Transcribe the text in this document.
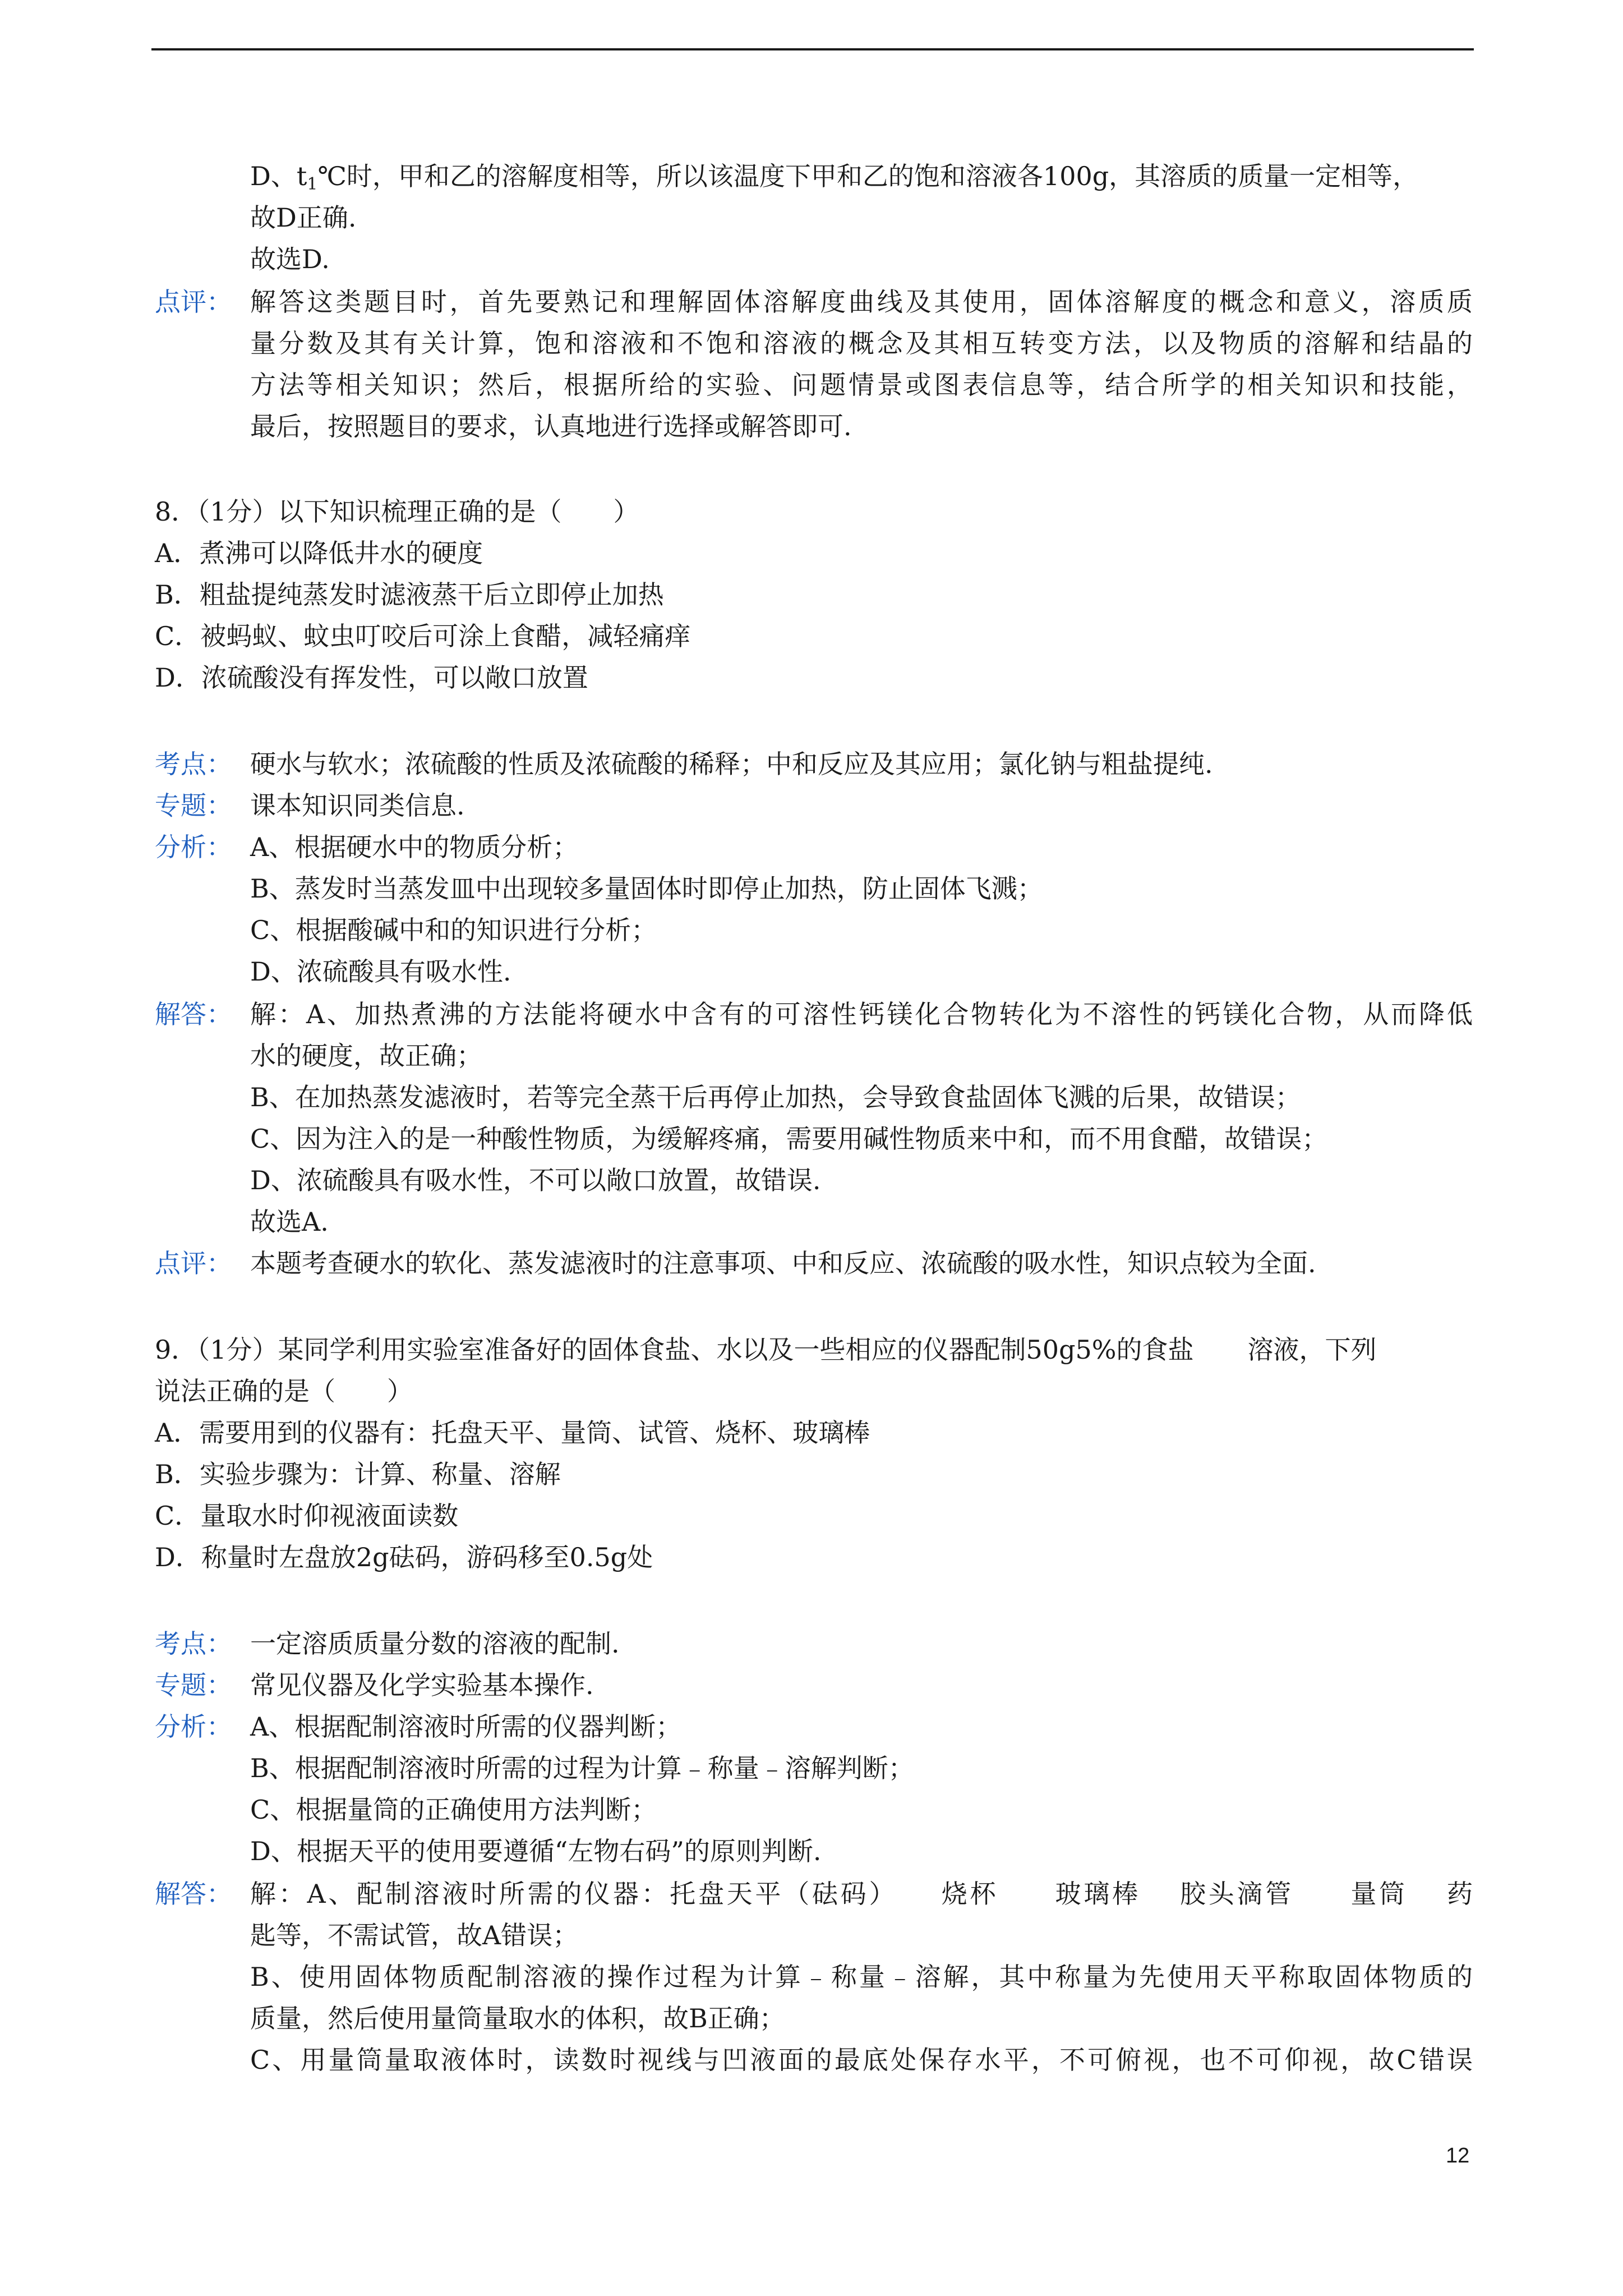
D、$t_1℃$时，甲和乙的溶解度相等，所以该温度下甲和乙的饱和溶液各100g，其溶质的质量一定相等，
故D正确.
故选D.
点评： 解答这类题目时，首先要熟记和理解固体溶解度曲线及其使用，固体溶解度的概念和意义，溶质质
量分数及其有关计算，饱和溶液和不饱和溶液的概念及其相互转变方法，以及物质的溶解和结晶的
方法等相关知识；然后，根据所给的实验、问题情景或图表信息等，结合所学的相关知识和技能，
最后，按照题目的要求，认真地进行选择或解答即可.
8．（1分）以下知识梳理正确的是（　　）
A．煮沸可以降低井水的硬度
B．粗盐提纯蒸发时滤液蒸干后立即停止加热
C．被蚂蚁、蚊虫叮咬后可涂上食醋，减轻痛痒
D．浓硫酸没有挥发性，可以敞口放置
考点： 硬水与软水；浓硫酸的性质及浓硫酸的稀释；中和反应及其应用；氯化钠与粗盐提纯.
专题： 课本知识同类信息.
分析： A、根据硬水中的物质分析；
B、蒸发时当蒸发皿中出现较多量固体时即停止加热，防止固体飞溅；
C、根据酸碱中和的知识进行分析；
D、浓硫酸具有吸水性.
解答： 解：A、加热煮沸的方法能将硬水中含有的可溶性钙镁化合物转化为不溶性的钙镁化合物，从而降低
水的硬度，故正确；
B、在加热蒸发滤液时，若等完全蒸干后再停止加热，会导致食盐固体飞溅的后果，故错误；
C、因为注入的是一种酸性物质，为缓解疼痛，需要用碱性物质来中和，而不用食醋，故错误；
D、浓硫酸具有吸水性，不可以敞口放置，故错误.
故选A.
点评： 本题考查硬水的软化、蒸发滤液时的注意事项、中和反应、浓硫酸的吸水性，知识点较为全面.
9．（1分）某同学利用实验室准备好的固体食盐、水以及一些相应的仪器配制50g5%的食盐 溶液，下列
说法正确的是（　　）
A．需要用到的仪器有：托盘天平、量筒、试管、烧杯、玻璃棒
B．实验步骤为：计算、称量、溶解
C．量取水时仰视液面读数
D．称量时左盘放2g砝码，游码移至0.5g处
考点： 一定溶质质量分数的溶液的配制.
专题： 常见仪器及化学实验基本操作.
分析： A、根据配制溶液时所需的仪器判断；
B、根据配制溶液时所需的过程为计算﹣称量﹣溶解判断；
C、根据量筒的正确使用方法判断；
D、根据天平的使用要遵循“左物右码”的原则判断.
解答： 解：A、配制溶液时所需的仪器：托盘天平（砝码）　　烧杯　　玻璃棒　 胶头滴管　　量筒　 药
匙等，不需试管，故A错误；
B、使用固体物质配制溶液的操作过程为计算﹣称量﹣溶解，其中称量为先使用天平称取固体物质的
质量，然后使用量筒量取水的体积，故B正确；
C、用量筒量取液体时，读数时视线与凹液面的最底处保存水平，不可俯视，也不可仰视，故C错误
12
